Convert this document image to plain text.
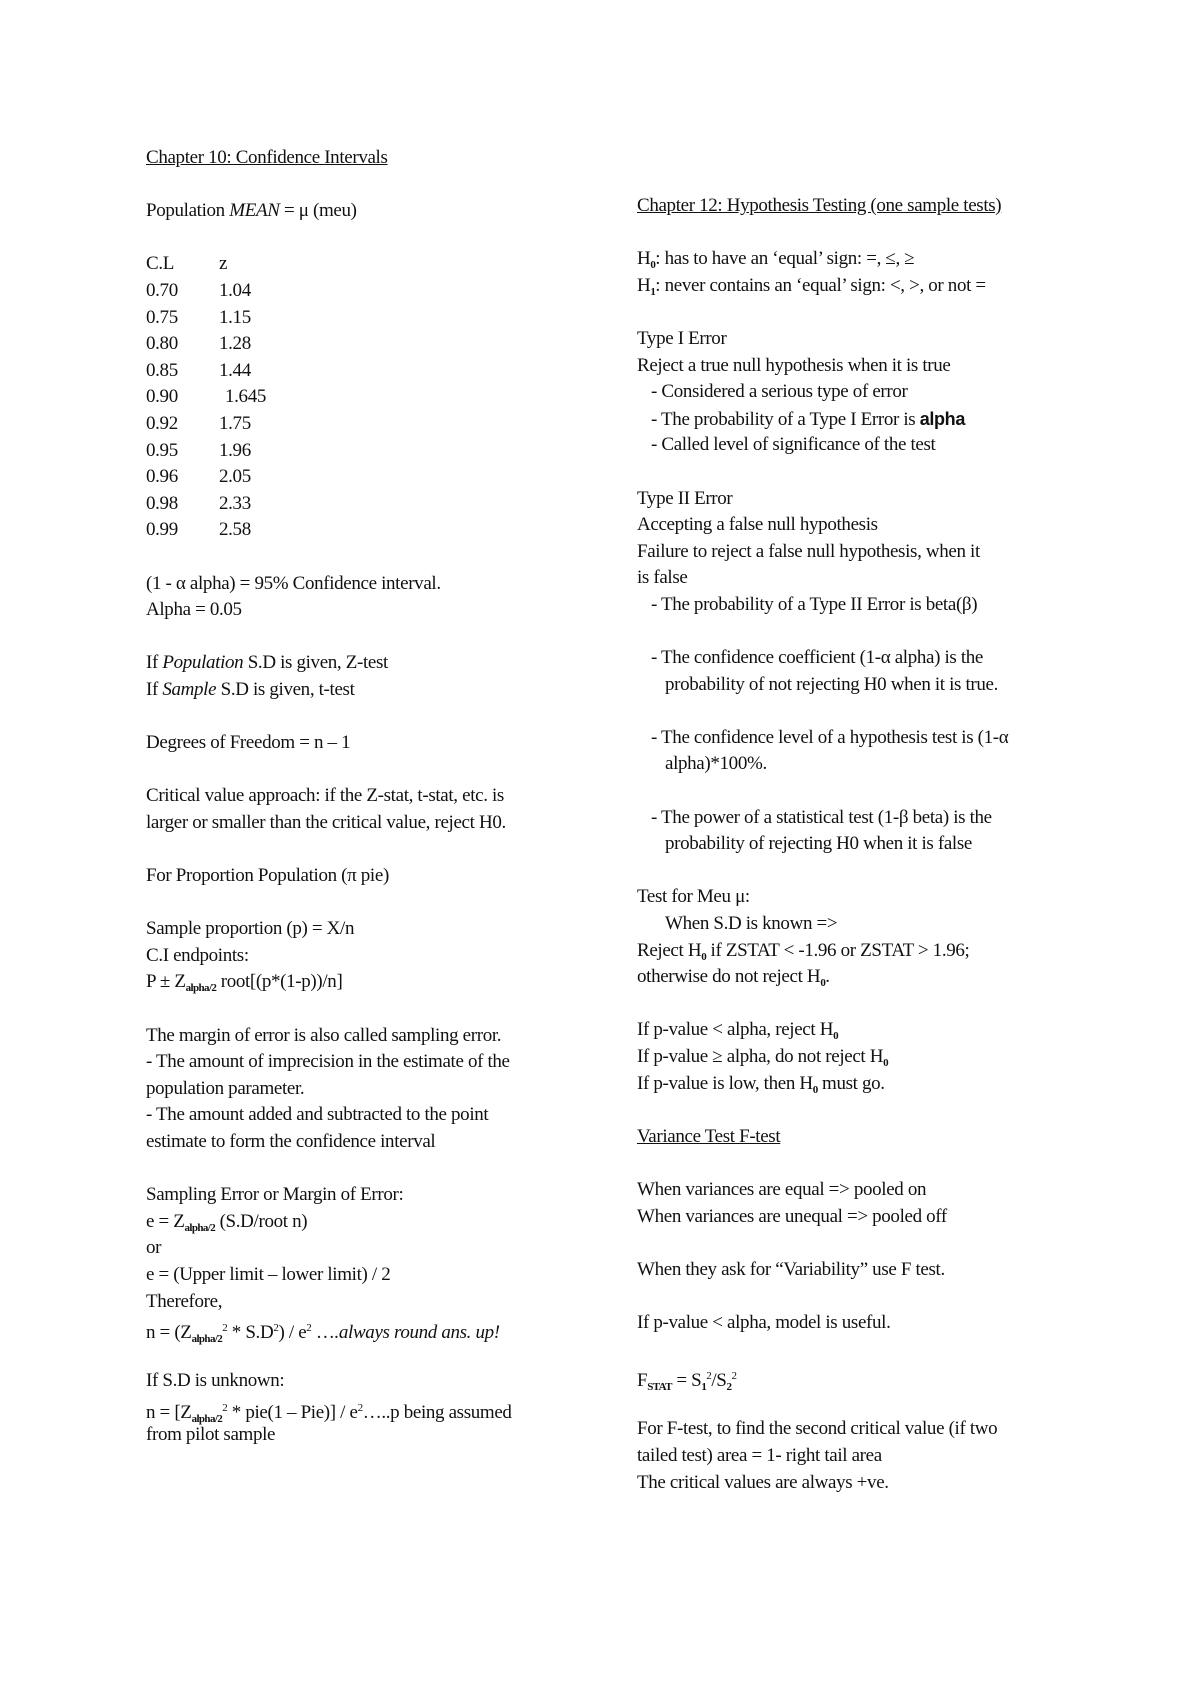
Chapter 10: Confidence Intervals
Population MEAN = μ (meu)
C.L z
0.70 1.04
0.75 1.15
0.80 1.28
0.85 1.44
0.901.645
0.92 1.75
0.95 1.96
0.96 2.05
0.98 2.33
0.99 2.58
(1 - α alpha) = 95% Confidence interval.
Alpha = 0.05
If Population S.D is given, Z-test
If Sample S.D is given, t-test
Degrees of Freedom = n – 1
Critical value approach: if the Z-stat, t-stat, etc. is
larger or smaller than the critical value, reject H0.
For Proportion Population (π pie)
Sample proportion (p) = X/n
C.I endpoints:
$P \pm Z_{alpha/2}$ root[(p*(1-p))/n]
The margin of error is also called sampling error.
- The amount of imprecision in the estimate of the
population parameter.
- The amount added and subtracted to the point
estimate to form the confidence interval
Sampling Error or Margin of Error:
$e = Z_{alpha/2}$ (S.D/root n)
or
e = (Upper limit – lower limit) / 2
Therefore,
$n = (Z_{alpha/2}^2 * S.D^2) / e^2$ ….always round ans. up!
If S.D is unknown:
$n = [Z_{alpha/2}^2 * pie(1 - Pie)]$ / $e^2\dots..p$ being assumed
from pilot sample
Chapter 12: Hypothesis Testing (one sample tests)
$H_0$: has to have an ‘equal’ sign: =, ≤, ≥
$H_1$: never contains an ‘equal’ sign: <, >, or not =
Type I Error
Reject a true null hypothesis when it is true
- Considered a serious type of error
- The probability of a Type I Error is alpha
- Called level of significance of the test
Type II Error
Accepting a false null hypothesis
Failure to reject a false null hypothesis, when it
is false
- The probability of a Type II Error is beta(β)
- The confidence coefficient (1-α alpha) is the
probability of not rejecting H0 when it is true.
- The confidence level of a hypothesis test is (1-α
alpha)*100%.
- The power of a statistical test (1-β beta) is the
probability of rejecting H0 when it is false
Test for Meu μ:
When S.D is known =>
Reject $H_0$ if ZSTAT < -1.96 or ZSTAT > 1.96;
otherwise do not reject $H_0$.
If p-value < alpha, reject $H_0$
If p-value ≥ alpha, do not reject $H_0$
If p-value is low, then $H_0$ must go.
Variance Test F-test
When variances are equal => pooled on
When variances are unequal => pooled off
When they ask for “Variability” use F test.
If p-value < alpha, model is useful.
$F_{STAT} = S_1^2/S_2^2$
For F-test, to find the second critical value (if two
tailed test) area = 1- right tail area
The critical values are always +ve.
